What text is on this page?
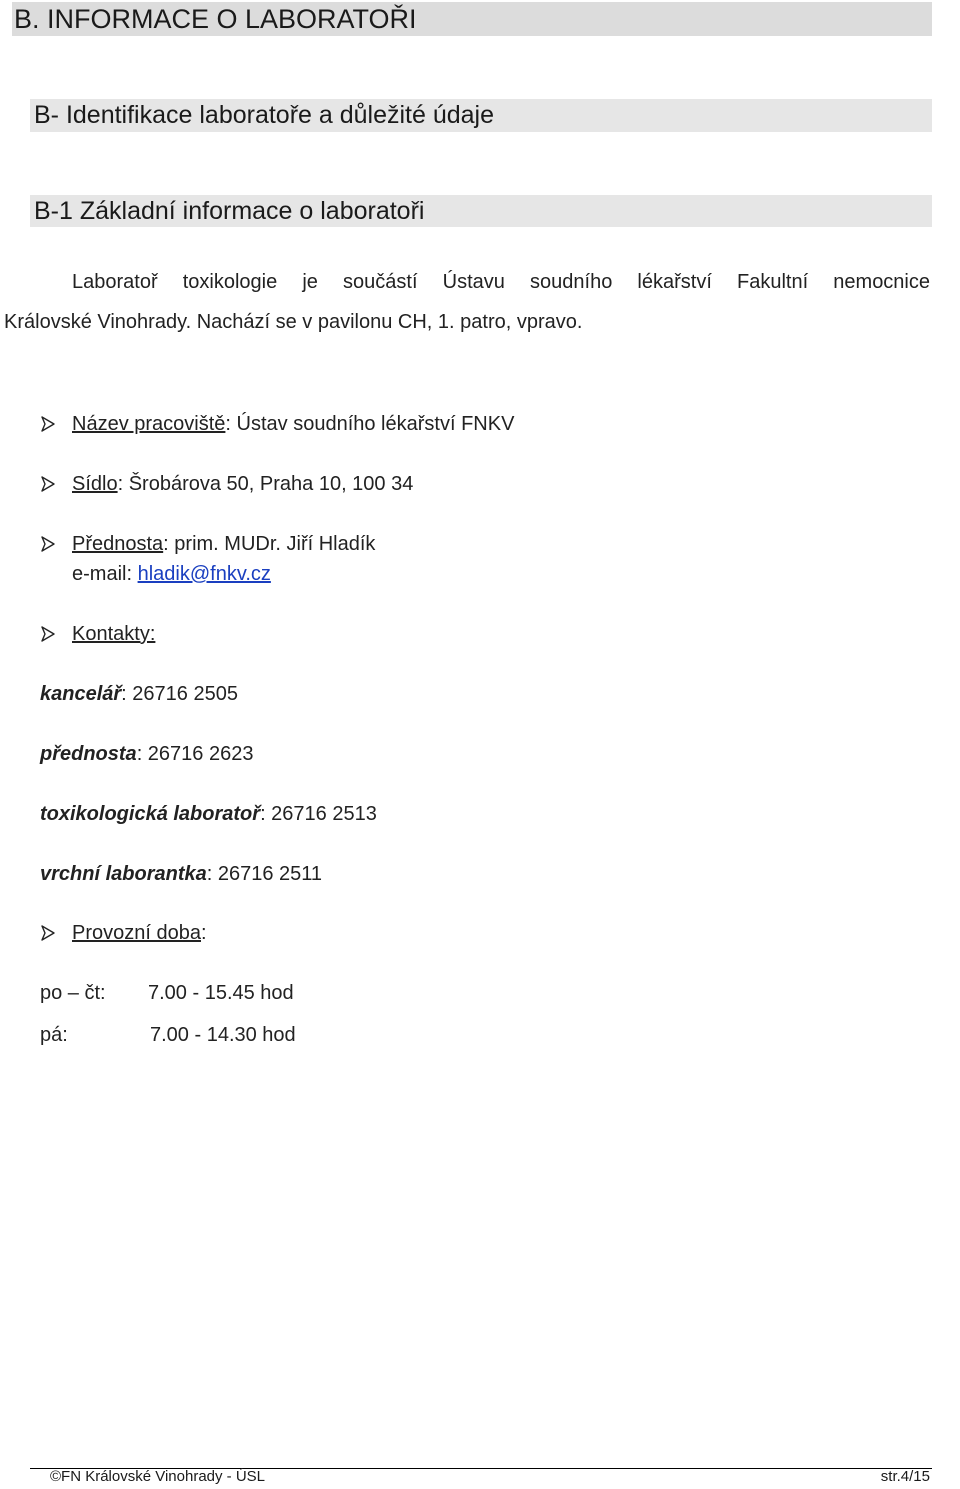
B. INFORMACE O LABORATOŘI
B- Identifikace laboratoře a důležité údaje
B-1 Základní informace o laboratoři
Laboratoř toxikologie je součástí Ústavu soudního lékařství Fakultní nemocnice
Královské Vinohrady. Nachází se v pavilonu CH, 1. patro, vpravo.
Název pracoviště: Ústav soudního lékařství FNKV
Sídlo: Šrobárova 50, Praha 10, 100 34
Přednosta: prim. MUDr. Jiří Hladík
e-mail: hladik@fnkv.cz
Kontakty:
kancelář: 26716 2505
přednosta: 26716 2623
toxikologická laboratoř: 26716 2513
vrchní laborantka: 26716 2511
Provozní doba:
po – čt: 7.00 - 15.45 hod
pá:	7.00 - 14.30 hod
©FN Královské Vinohrady - ÚSL	str.4/15
